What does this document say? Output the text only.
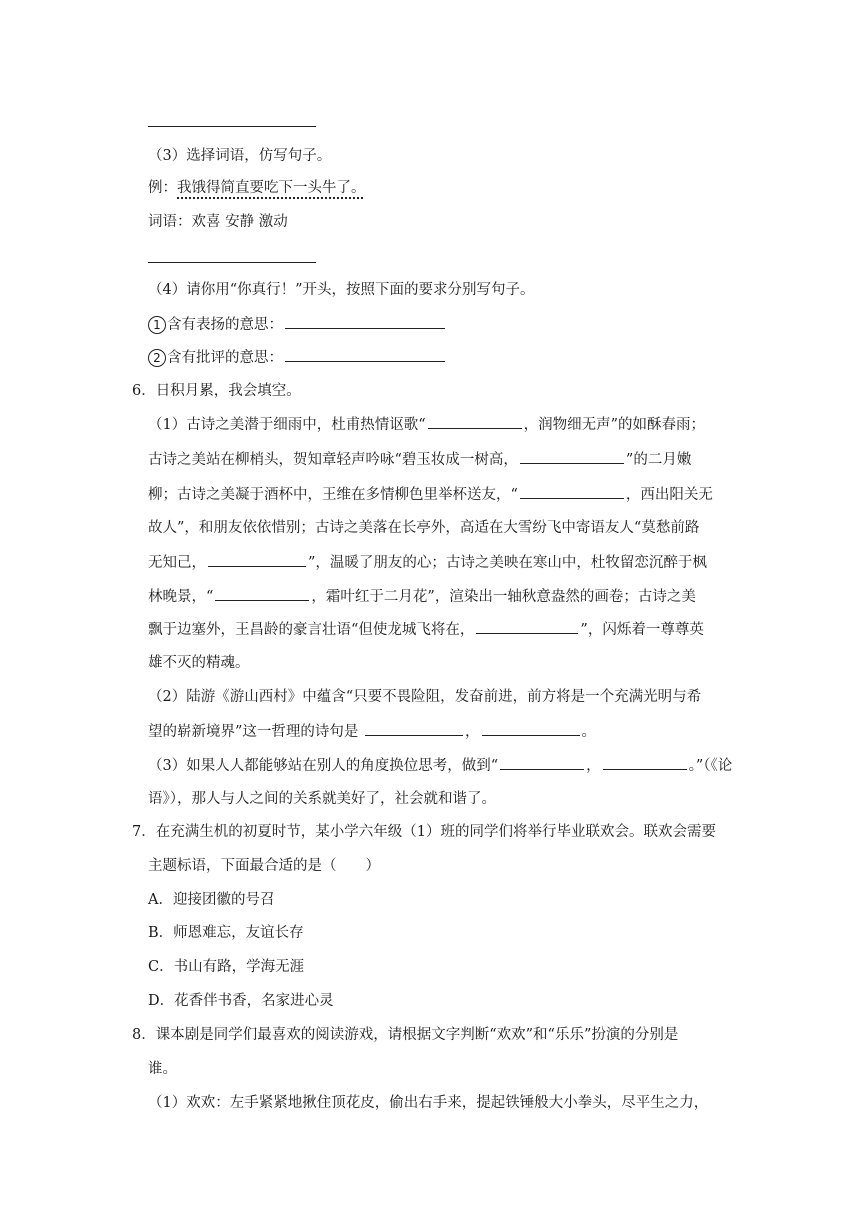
（3）选择词语，仿写句子。
例：我饿得简直要吃下一头牛了。
词语：欢喜 安静 激动
（4）请你用“你真行！”开头，按照下面的要求分别写句子。
1 含有表扬的意思：
2 含有批评的意思：
6．日积月累，我会填空。
（1）古诗之美潜于细雨中，杜甫热情讴歌“	，润物细无声”的如酥春雨；
古诗之美站在柳梢头，贺知章轻声吟咏“碧玉妆成一树高，	”的二月嫩
柳；古诗之美凝于酒杯中，王维在多情柳色里举杯送友，“	，西出阳关无
故人”，和朋友依依惜别；古诗之美落在长亭外，高适在大雪纷飞中寄语友人“莫愁前路
无知己，	”，温暖了朋友的心；古诗之美映在寒山中，杜牧留恋沉醉于枫
林晚景，“	，霜叶红于二月花”，渲染出一轴秋意盎然的画卷；古诗之美
飘于边塞外，王昌龄的豪言壮语“但使龙城飞将在，	”，闪烁着一尊尊英
雄不灭的精魂。
（2）陆游《游山西村》中蕴含“只要不畏险阻，发奋前进，前方将是一个充满光明与希
望的崭新境界”这一哲理的诗句是	，	。
（3）如果人人都能够站在别人的角度换位思考，做到“	，	。”（《论
语》），那人与人之间的关系就美好了，社会就和谐了。
7．在充满生机的初夏时节，某小学六年级（1）班的同学们将举行毕业联欢会。联欢会需要
主题标语，下面最合适的是（　　）
A．迎接团徽的号召
B．师恩难忘，友谊长存
C．书山有路，学海无涯
D．花香伴书香，名家进心灵
8．课本剧是同学们最喜欢的阅读游戏，请根据文字判断“欢欢”和“乐乐”扮演的分别是
谁。
（1）欢欢：左手紧紧地揪住顶花皮，偷出右手来，提起铁锤般大小拳头，尽平生之力，
